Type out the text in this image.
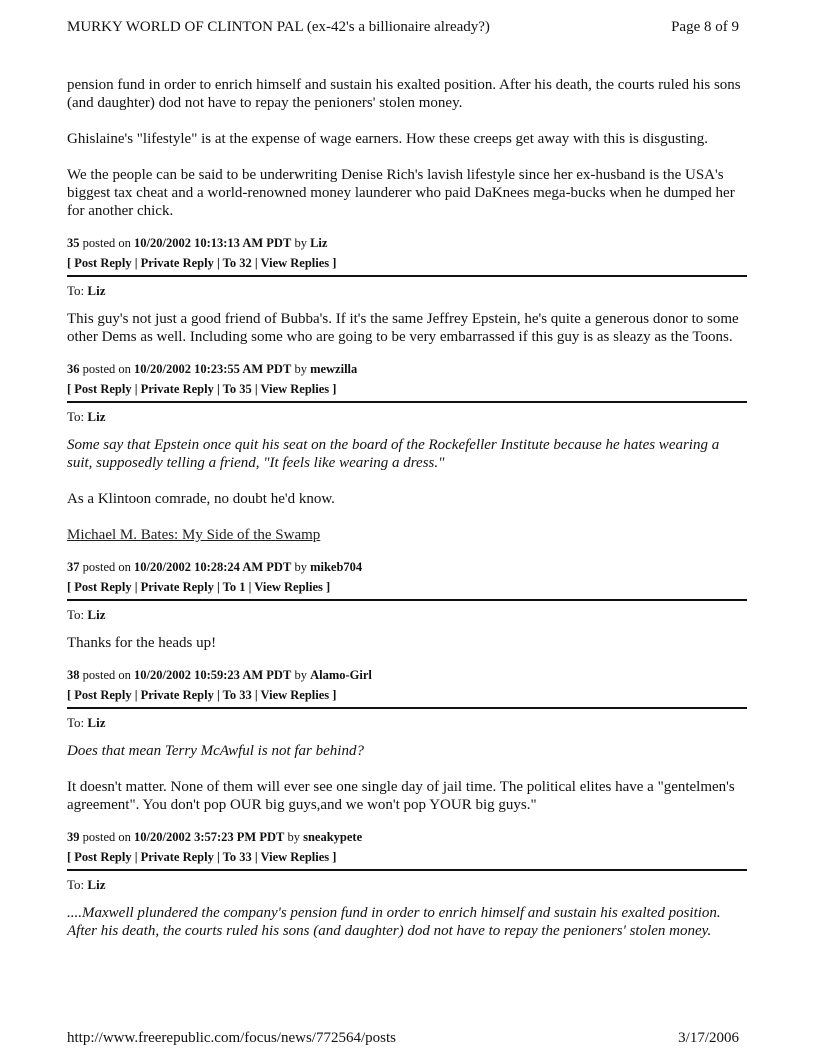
MURKY WORLD OF CLINTON PAL (ex-42's a billionaire already?)	Page 8 of 9

pension fund in order to enrich himself and sustain his exalted position. After his death, the courts ruled his sons (and daughter) dod not have to repay the penioners' stolen money.

Ghislaine's "lifestyle" is at the expense of wage earners. How these creeps get away with this is disgusting.

We the people can be said to be underwriting Denise Rich's lavish lifestyle since her ex-husband is the USA's biggest tax cheat and a world-renowned money launderer who paid DaKnees mega-bucks when he dumped her for another chick.

35 posted on 10/20/2002 10:13:13 AM PDT by Liz
[ Post Reply | Private Reply | To 32 | View Replies ]
To: Liz

This guy's not just a good friend of Bubba's. If it's the same Jeffrey Epstein, he's quite a generous donor to some other Dems as well. Including some who are going to be very embarrassed if this guy is as sleazy as the Toons.

36 posted on 10/20/2002 10:23:55 AM PDT by mewzilla
[ Post Reply | Private Reply | To 35 | View Replies ]
To: Liz

Some say that Epstein once quit his seat on the board of the Rockefeller Institute because he hates wearing a suit, supposedly telling a friend, "It feels like wearing a dress."

As a Klintoon comrade, no doubt he'd know.

Michael M. Bates: My Side of the Swamp

37 posted on 10/20/2002 10:28:24 AM PDT by mikeb704
[ Post Reply | Private Reply | To 1 | View Replies ]
To: Liz

Thanks for the heads up!

38 posted on 10/20/2002 10:59:23 AM PDT by Alamo-Girl
[ Post Reply | Private Reply | To 33 | View Replies ]
To: Liz

Does that mean Terry McAwful is not far behind?

It doesn't matter. None of them will ever see one single day of jail time. The political elites have a "gentelmen's agreement". You don't pop OUR big guys,and we won't pop YOUR big guys."

39 posted on 10/20/2002 3:57:23 PM PDT by sneakypete
[ Post Reply | Private Reply | To 33 | View Replies ]
To: Liz

....Maxwell plundered the company's pension fund in order to enrich himself and sustain his exalted position. After his death, the courts ruled his sons (and daughter) dod not have to repay the penioners' stolen money.

http://www.freerepublic.com/focus/news/772564/posts	3/17/2006
